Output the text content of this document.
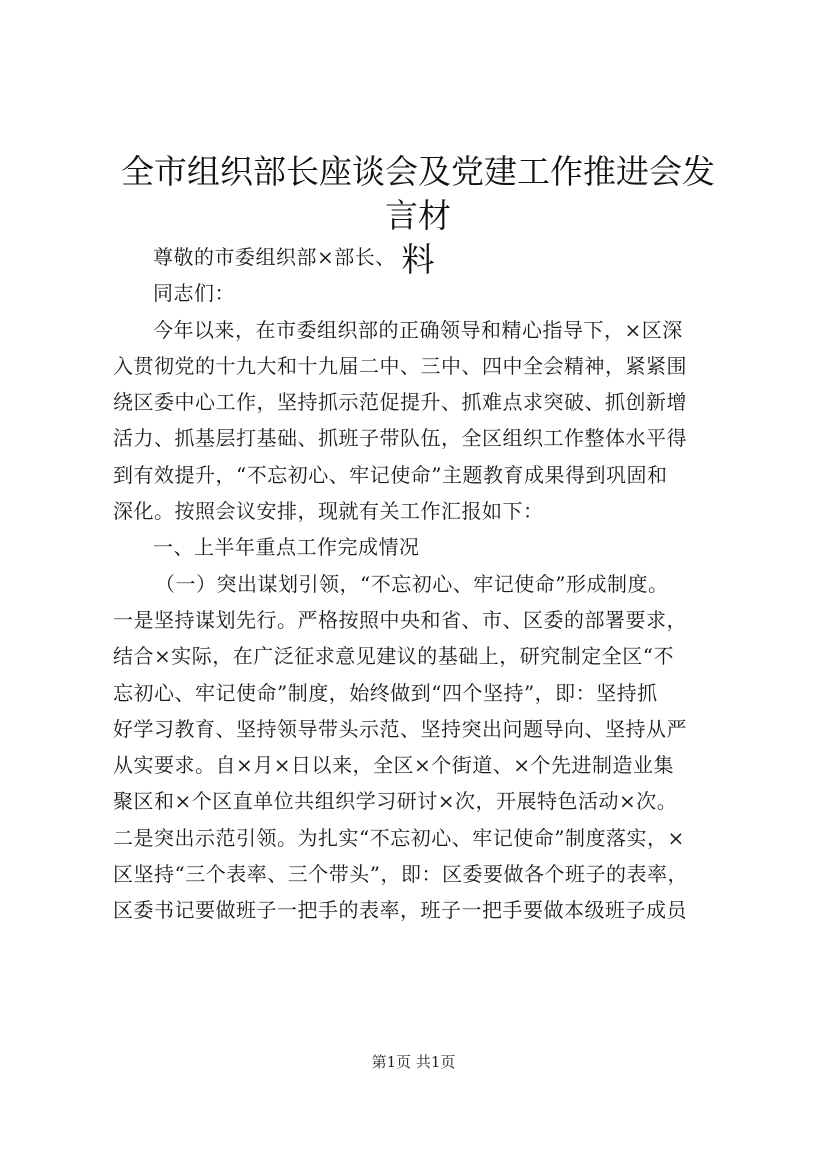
全市组织部长座谈会及党建工作推进会发言材
料
尊敬的市委组织部×部长、
同志们：
今年以来，在市委组织部的正确领导和精心指导下，×区深
入贯彻党的十九大和十九届二中、三中、四中全会精神，紧紧围
绕区委中心工作，坚持抓示范促提升、抓难点求突破、抓创新增
活力、抓基层打基础、抓班子带队伍，全区组织工作整体水平得
到有效提升，“不忘初心、牢记使命”主题教育成果得到巩固和
深化。按照会议安排，现就有关工作汇报如下：
一、上半年重点工作完成情况
（一）突出谋划引领，“不忘初心、牢记使命”形成制度。
一是坚持谋划先行。严格按照中央和省、市、区委的部署要求，
结合×实际，在广泛征求意见建议的基础上，研究制定全区“不
忘初心、牢记使命”制度，始终做到“四个坚持”，即：坚持抓
好学习教育、坚持领导带头示范、坚持突出问题导向、坚持从严
从实要求。自×月×日以来，全区×个街道、×个先进制造业集
聚区和×个区直单位共组织学习研讨×次，开展特色活动×次。
二是突出示范引领。为扎实“不忘初心、牢记使命”制度落实，×
区坚持“三个表率、三个带头”，即：区委要做各个班子的表率，
区委书记要做班子一把手的表率，班子一把手要做本级班子成员
第1页 共1页
